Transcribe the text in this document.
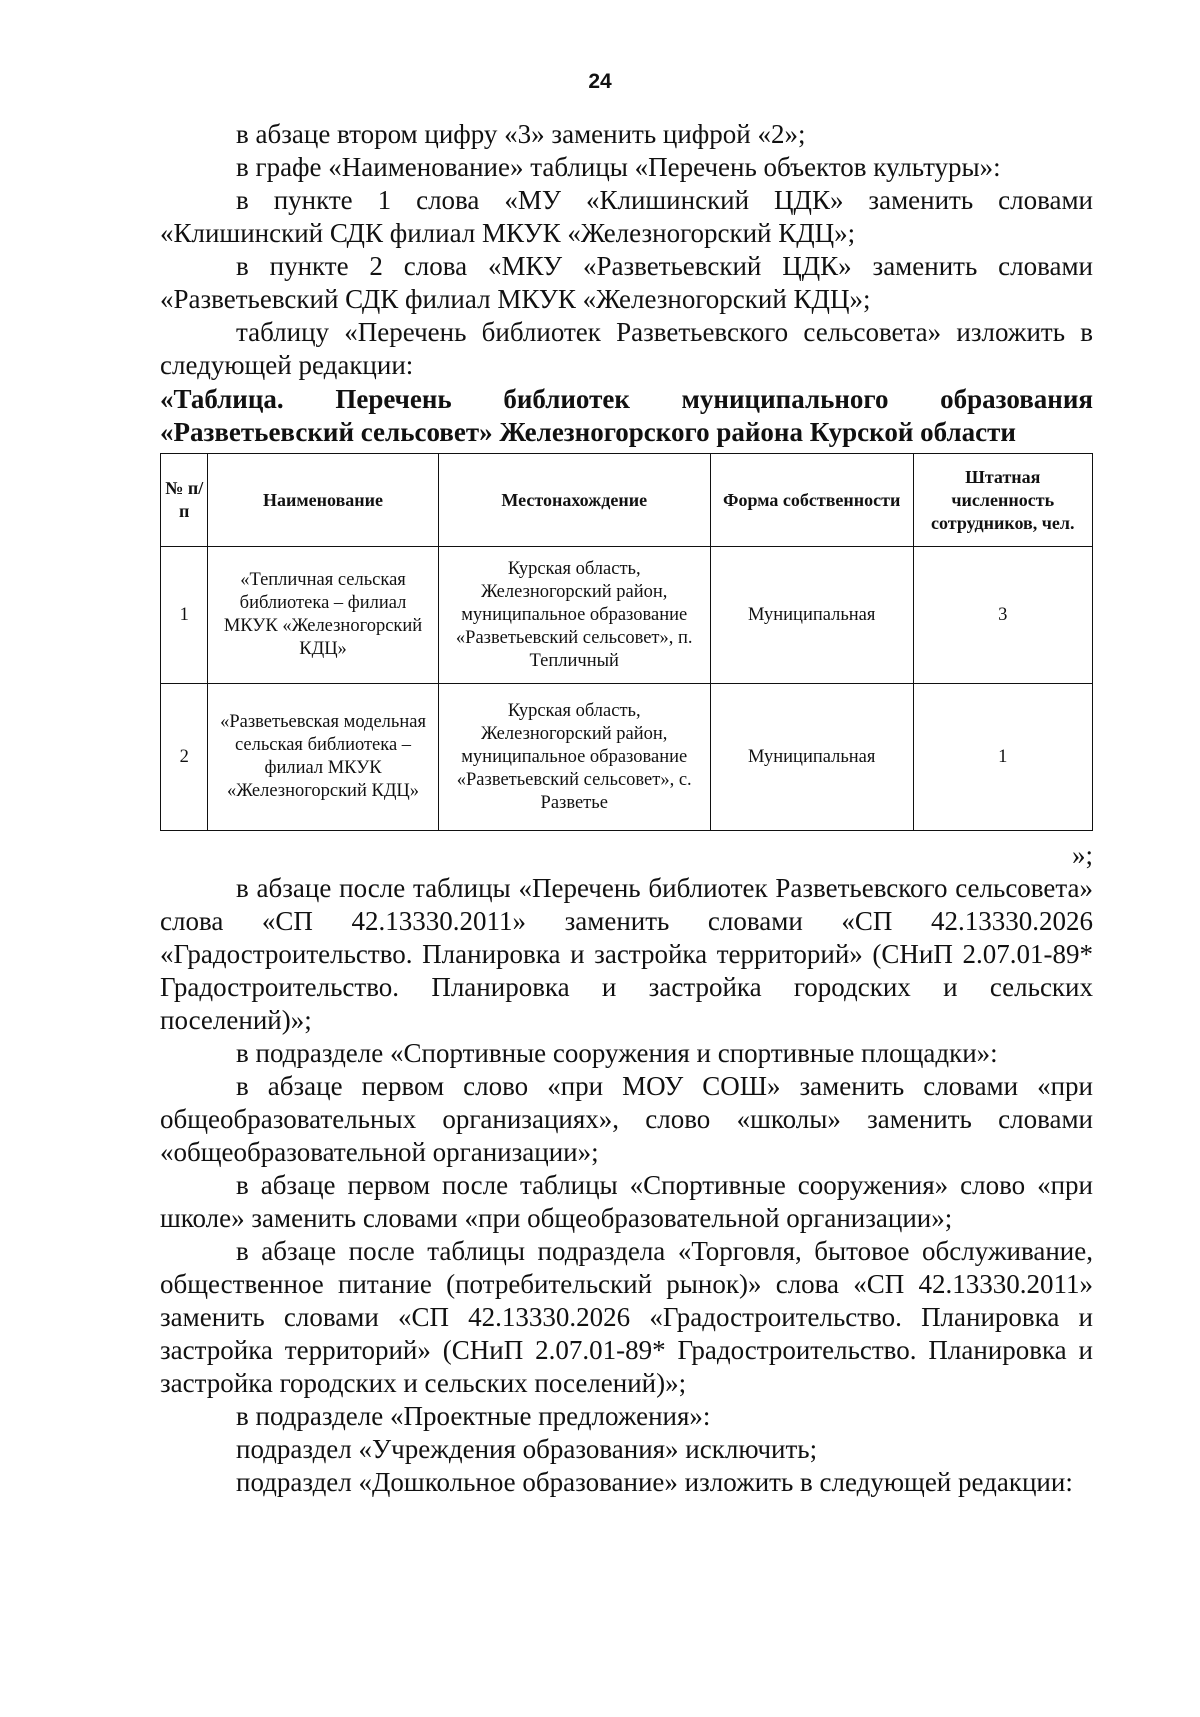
24

в абзаце втором цифру «3» заменить цифрой «2»;

в графе «Наименование» таблицы «Перечень объектов культуры»:

в пункте 1 слова «МУ «Клишинский ЦДК» заменить словами «Клишинский СДК филиал МКУК «Железногорский КДЦ»;

в пункте 2 слова «МКУ «Разветьевский ЦДК» заменить словами «Разветьевский СДК филиал МКУК «Железногорский КДЦ»;

таблицу «Перечень библиотек Разветьевского сельсовета» изложить в следующей редакции:

«Таблица. Перечень библиотек муниципального образования «Разветьевский сельсовет» Железногорского района Курской области

№ п/п	Наименование	Местонахождение	Форма собственности	Штатная численность сотрудников, чел.
1	«Тепличная сельская библиотека – филиал МКУК «Железногорский КДЦ»	Курская область, Железногорский район, муниципальное образование «Разветьевский сельсовет», п. Тепличный	Муниципальная	3
2	«Разветьевская модельная сельская библиотека – филиал МКУК «Железногорский КДЦ»	Курская область, Железногорский район, муниципальное образование «Разветьевский сельсовет», с. Разветье	Муниципальная	1

»;

в абзаце после таблицы «Перечень библиотек Разветьевского сельсовета» слова «СП 42.13330.2011» заменить словами «СП 42.13330.2026 «Градостроительство. Планировка и застройка территорий» (СНиП 2.07.01-89* Градостроительство. Планировка и застройка городских и сельских поселений)»;

в подразделе «Спортивные сооружения и спортивные площадки»:

в абзаце первом слово «при МОУ СОШ» заменить словами «при общеобразовательных организациях», слово «школы» заменить словами «общеобразовательной организации»;

в абзаце первом после таблицы «Спортивные сооружения» слово «при школе» заменить словами «при общеобразовательной организации»;

в абзаце после таблицы подраздела «Торговля, бытовое обслуживание, общественное питание (потребительский рынок)» слова «СП 42.13330.2011» заменить словами «СП 42.13330.2026 «Градостроительство. Планировка и застройка территорий» (СНиП 2.07.01-89* Градостроительство. Планировка и застройка городских и сельских поселений)»;

в подразделе «Проектные предложения»:

подраздел «Учреждения образования» исключить;

подраздел «Дошкольное образование» изложить в следующей редакции:
